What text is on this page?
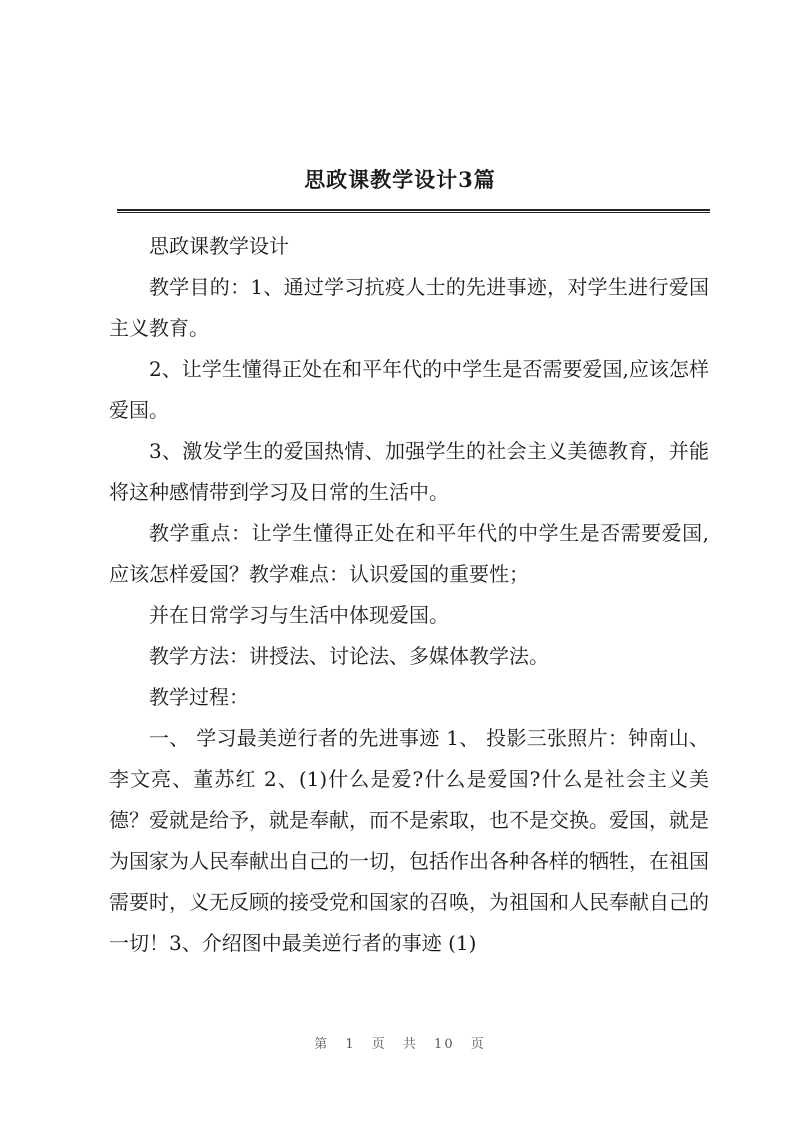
思政课教学设计3篇

思政课教学设计

教学目的：1、通过学习抗疫人士的先进事迹，对学生进行爱国主义教育。

2、让学生懂得正处在和平年代的中学生是否需要爱国,应该怎样爱国。

3、激发学生的爱国热情、加强学生的社会主义美德教育，并能将这种感情带到学习及日常的生活中。

教学重点：让学生懂得正处在和平年代的中学生是否需要爱国,应该怎样爱国？教学难点：认识爱国的重要性；

并在日常学习与生活中体现爱国。

教学方法：讲授法、讨论法、多媒体教学法。

教学过程：

一、 学习最美逆行者的先进事迹 1、 投影三张照片：钟南山、李文亮、董苏红 2、(1)什么是爱?什么是爱国?什么是社会主义美德？爱就是给予，就是奉献，而不是索取，也不是交换。爱国，就是为国家为人民奉献出自己的一切，包括作出各种各样的牺牲，在祖国需要时，义无反顾的接受党和国家的召唤，为祖国和人民奉献自己的一切！3、介绍图中最美逆行者的事迹 (1)

第 1 页 共 10 页
